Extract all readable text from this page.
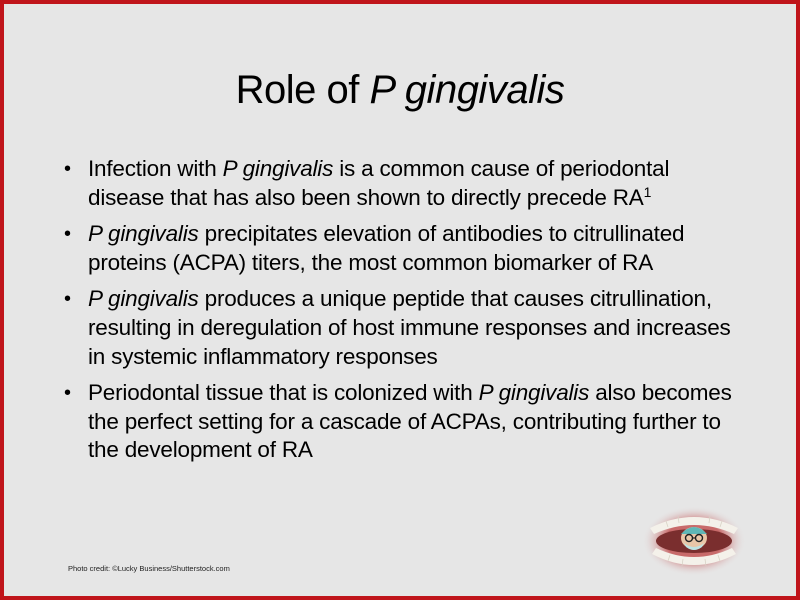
Role of P gingivalis
• Infection with P gingivalis is a common cause of periodontal disease that has also been shown to directly precede $RA^1$
• P gingivalis precipitates elevation of antibodies to citrullinated proteins (ACPA) titers, the most common biomarker of RA
• P gingivalis produces a unique peptide that causes citrullination, resulting in deregulation of host immune responses and increases in systemic inflammatory responses
• Periodontal tissue that is colonized with P gingivalis also becomes the perfect setting for a cascade of ACPAs, contributing further to the development of RA
Photo credit: ©Lucky Business/Shutterstock.com
